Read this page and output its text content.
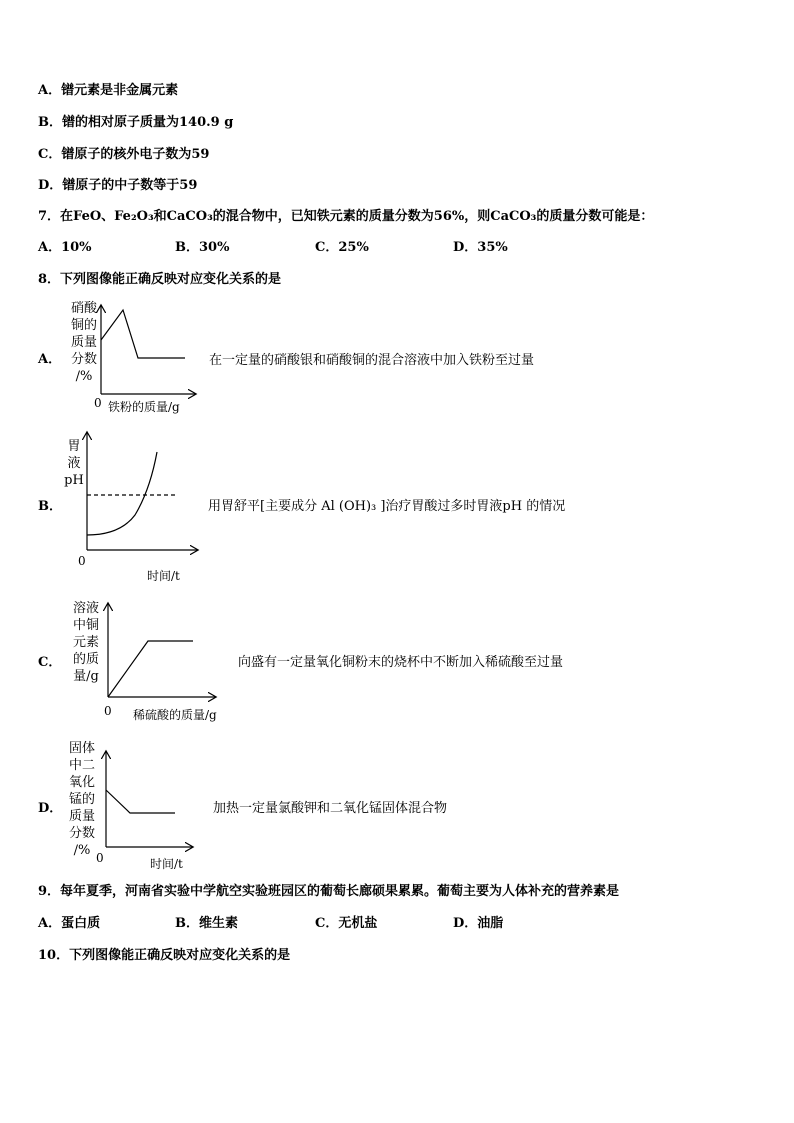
A．镨元素是非金属元素
B．镨的相对原子质量为140.9 g
C．镨原子的核外电子数为59
D．镨原子的中子数等于59
7．在FeO、Fe₂O₃和CaCO₃的混合物中，已知铁元素的质量分数为56%，则CaCO₃的质量分数可能是：
A．10%	B．30%	C．25%	D．35%
8．下列图像能正确反映对应变化关系的是
A．
硝酸
铜的
质量
分数
/%
0 铁粉的质量/g
在一定量的硝酸银和硝酸铜的混合溶液中加入铁粉至过量
B．
胃
液
pH
0
时间/t
用胃舒平[主要成分 Al (OH)₃ ]治疗胃酸过多时胃液pH 的情况
C．
溶液
中铜
元素
的质
量/g
0 稀硫酸的质量/g
向盛有一定量氧化铜粉末的烧杯中不断加入稀硫酸至过量
D．
固体
中二
氧化
锰的
质量
分数
/% 0	时间/t
加热一定量氯酸钾和二氧化锰固体混合物
9．每年夏季，河南省实验中学航空实验班园区的葡萄长廊硕果累累。葡萄主要为人体补充的营养素是
A．蛋白质	B．维生素	C．无机盐	D．油脂
10．下列图像能正确反映对应变化关系的是
